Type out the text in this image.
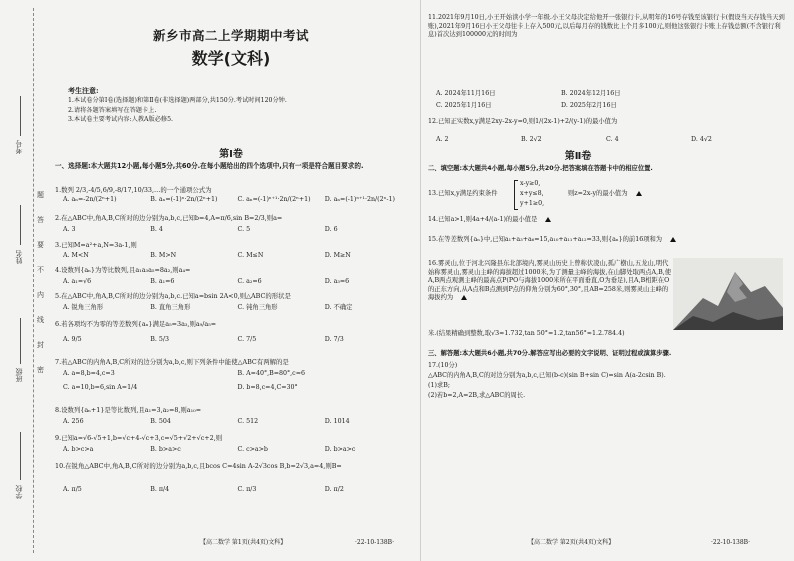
考号
姓名
班级
学校
题
答
要
不
内
线
封
密
新乡市高二上学期期中考试
数学(文科)
考生注意:
1.本试卷分第Ⅰ卷(选择题)和第Ⅱ卷(非选择题)两部分,共150分.考试时间120分钟.
2.请将各题答案填写在答题卡上.
3.本试卷主要考试内容:人教A版必修5.
第Ⅰ卷
一、选择题:本大题共12小题,每小题5分,共60分.在每小题给出的四个选项中,只有一项是符合题目要求的.
1.数列 2/3,-4/5,6/9,-8/17,10/33,…的一个通项公式为
A. aₙ=-2n/(2ⁿ+1)	B. aₙ=(-1)ⁿ·2n/(2ⁿ+1)	C. aₙ=(-1)ⁿ⁺¹·2n/(2ⁿ+1)	D. aₙ=(-1)ⁿ⁺¹·2n/(2ⁿ-1)
2.在△ABC中,角A,B,C所对的边分别为a,b,c,已知b=4,A=π/6,sin B=2/3,则a=
A. 3	B. 4	C. 5	D. 6
3.已知M=a²+a,N=3a-1,则
A. M<N	B. M>N	C. M≤N	D. M≥N
4.设数列{aₙ}为等比数列,且a₁a₃a₅=8a₂,则a₄=
A. a₁=√6	B. a₁=6	C. a₂=6	D. a₃=6
5.在△ABC中,角A,B,C所对的边分别为a,b,c.已知a=bsin 2A<0,则△ABC的形状是
A. 锐角三角形	B. 直角三角形	C. 钝角三角形	D. 不确定
6.若各项均不为零的等差数列{aₙ}满足a₅=3a₃,则a₉/a₅=
A. 9/5	B. 5/3	C. 7/5	D. 7/3
7.若△ABC的内角A,B,C所对的边分别为a,b,c,则下列条件中能使△ABC有两解的是
A. a=8,b=4,c=3	B. A=40°,B=80°,c=6
C. a=10,b=6,sin A=1/4	D. b=8,c=4,C=30°
8.设数列{aₙ+1}是等比数列,且a₁=3,a₂=8,则a₁₀=
A. 256	B. 504	C. 512	D. 1014
9.已知a=√6-√5+1,b=√c+4-√c+3,c=√5+√2+√c+2,则
A. b>c>a	B. b>a>c	C. c>a>b	D. b>a>c
10.在锐角△ABC中,角A,B,C所对的边分别为a,b,c,且bcos C=4sin A-2√3cos B,b=2√3,a=4,则B=
A. π/5	B. π/4	C. π/3	D. π/2
【高二数学 第1页(共4页)文科】	·22-10-138B·
11.2021年9月10日,小王开始读小学一年级.小王父母决定给他开一张银行卡,从明年的16号存钱至该银行卡(假设当天存钱当天到账),2021年9月16日小王父母往卡上存入500元,以后每月存的钱数比上个月多100元,则他这张银行卡账上存钱总额(不含银行利息)首次达到100000元的时间为
A. 2024年11月16日	B. 2024年12月16日
C. 2025年1月16日	D. 2025年2月16日
12.已知正实数x,y满足2xy-2x-y=0,则1/(2x-1)+2/(y-1)的最小值为
A. 2	B. 2√2	C. 4	D. 4√2
第Ⅱ卷
二、填空题:本大题共4小题,每小题5分,共20分.把答案填在答题卡中的相应位置.
13.已知x,y满足约束条件
x-y≥0,
x+y≤8,
y+1≥0,
则z=2x-y的最小值为
14.已知a>1,则4a+4/(a-1)的最小值是
15.在等差数列{aₙ}中,已知a₁+a₃+a₆=15,a₁₀+a₁₁+a₁₂=33,则{aₙ}的前16项和为
16.雾灵山,位于河北兴隆县东北部境内,雾灵山历史上曾称伏凌山,孤广樹山,五龙山,明代始称雾灵山,雾灵山主峰的海拔超过1000米,为了测量主峰的海拔,在山脚处取两点A,B,使A,B两点观测主峰的最高点P(PO与海拔1000米所在平面垂直,O为垂足),且A,B相距在O的正东方向,从A点和B点测到P点的仰角分别为60°,30°,且AB=258米,则雾灵山主峰的海拔约为
米.(结果精确到整数,取√3≈1.732,tan 50°=1.2,tan56°≈1.2.784.4)
三、解答题:本大题共6小题,共70分.解答应写出必要的文字说明、证明过程或演算步骤.
17.(10分)
△ABC的内角A,B,C的对边分别为a,b,c,已知(b-c)(sin B+sin C)=sin A(a-2csin B).
(1)求B;
(2)若b=2,A=2B,求△ABC的周长.
【高二数学 第2页(共4页)文科】	·22-10-138B·
